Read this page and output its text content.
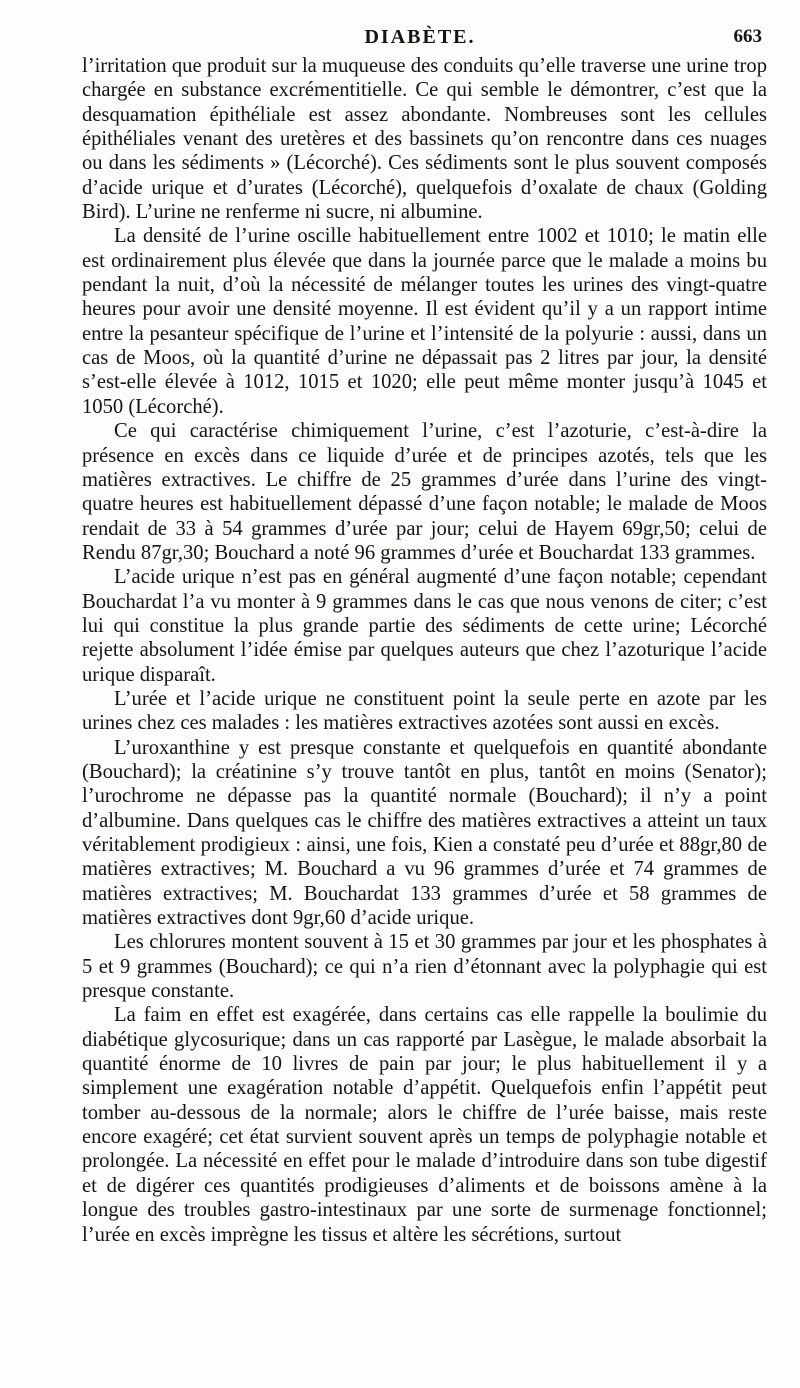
DIABÈTE.	663

l’irritation que produit sur la muqueuse des conduits qu’elle traverse une urine trop chargée en substance excrémentitielle. Ce qui semble le démontrer, c’est que la desquamation épithéliale est assez abondante. Nombreuses sont les cellules épithéliales venant des uretères et des bassinets qu’on rencontre dans ces nuages ou dans les sédiments » (Lécorché). Ces sédiments sont le plus souvent composés d’acide urique et d’urates (Lécorché), quelquefois d’oxalate de chaux (Golding Bird). L’urine ne renferme ni sucre, ni albumine.

La densité de l’urine oscille habituellement entre 1002 et 1010; le matin elle est ordinairement plus élevée que dans la journée parce que le malade a moins bu pendant la nuit, d’où la nécessité de mélanger toutes les urines des vingt-quatre heures pour avoir une densité moyenne. Il est évident qu’il y a un rapport intime entre la pesanteur spécifique de l’urine et l’intensité de la polyurie : aussi, dans un cas de Moos, où la quantité d’urine ne dépassait pas 2 litres par jour, la densité s’est-elle élevée à 1012, 1015 et 1020; elle peut même monter jusqu’à 1045 et 1050 (Lécorché).

Ce qui caractérise chimiquement l’urine, c’est l’azoturie, c’est-à-dire la présence en excès dans ce liquide d’urée et de principes azotés, tels que les matières extractives. Le chiffre de 25 grammes d’urée dans l’urine des vingt-quatre heures est habituellement dépassé d’une façon notable; le malade de Moos rendait de 33 à 54 grammes d’urée par jour; celui de Hayem 69gr,50; celui de Rendu 87gr,30; Bouchard a noté 96 grammes d’urée et Bouchardat 133 grammes.

L’acide urique n’est pas en général augmenté d’une façon notable; cependant Bouchardat l’a vu monter à 9 grammes dans le cas que nous venons de citer; c’est lui qui constitue la plus grande partie des sédiments de cette urine; Lécorché rejette absolument l’idée émise par quelques auteurs que chez l’azoturique l’acide urique disparaît.

L’urée et l’acide urique ne constituent point la seule perte en azote par les urines chez ces malades : les matières extractives azotées sont aussi en excès.

L’uroxanthine y est presque constante et quelquefois en quantité abondante (Bouchard); la créatinine s’y trouve tantôt en plus, tantôt en moins (Senator); l’urochrome ne dépasse pas la quantité normale (Bouchard); il n’y a point d’albumine. Dans quelques cas le chiffre des matières extractives a atteint un taux véritablement prodigieux : ainsi, une fois, Kien a constaté peu d’urée et 88gr,80 de matières extractives; M. Bouchard a vu 96 grammes d’urée et 74 grammes de matières extractives; M. Bouchardat 133 grammes d’urée et 58 grammes de matières extractives dont 9gr,60 d’acide urique.

Les chlorures montent souvent à 15 et 30 grammes par jour et les phosphates à 5 et 9 grammes (Bouchard); ce qui n’a rien d’étonnant avec la polyphagie qui est presque constante.

La faim en effet est exagérée, dans certains cas elle rappelle la boulimie du diabétique glycosurique; dans un cas rapporté par Lasègue, le malade absorbait la quantité énorme de 10 livres de pain par jour; le plus habituellement il y a simplement une exagération notable d’appétit. Quelquefois enfin l’appétit peut tomber au-dessous de la normale; alors le chiffre de l’urée baisse, mais reste encore exagéré; cet état survient souvent après un temps de polyphagie notable et prolongée. La nécessité en effet pour le malade d’introduire dans son tube digestif et de digérer ces quantités prodigieuses d’aliments et de boissons amène à la longue des troubles gastro-intestinaux par une sorte de surmenage fonctionnel; l’urée en excès imprègne les tissus et altère les sécrétions, surtout
